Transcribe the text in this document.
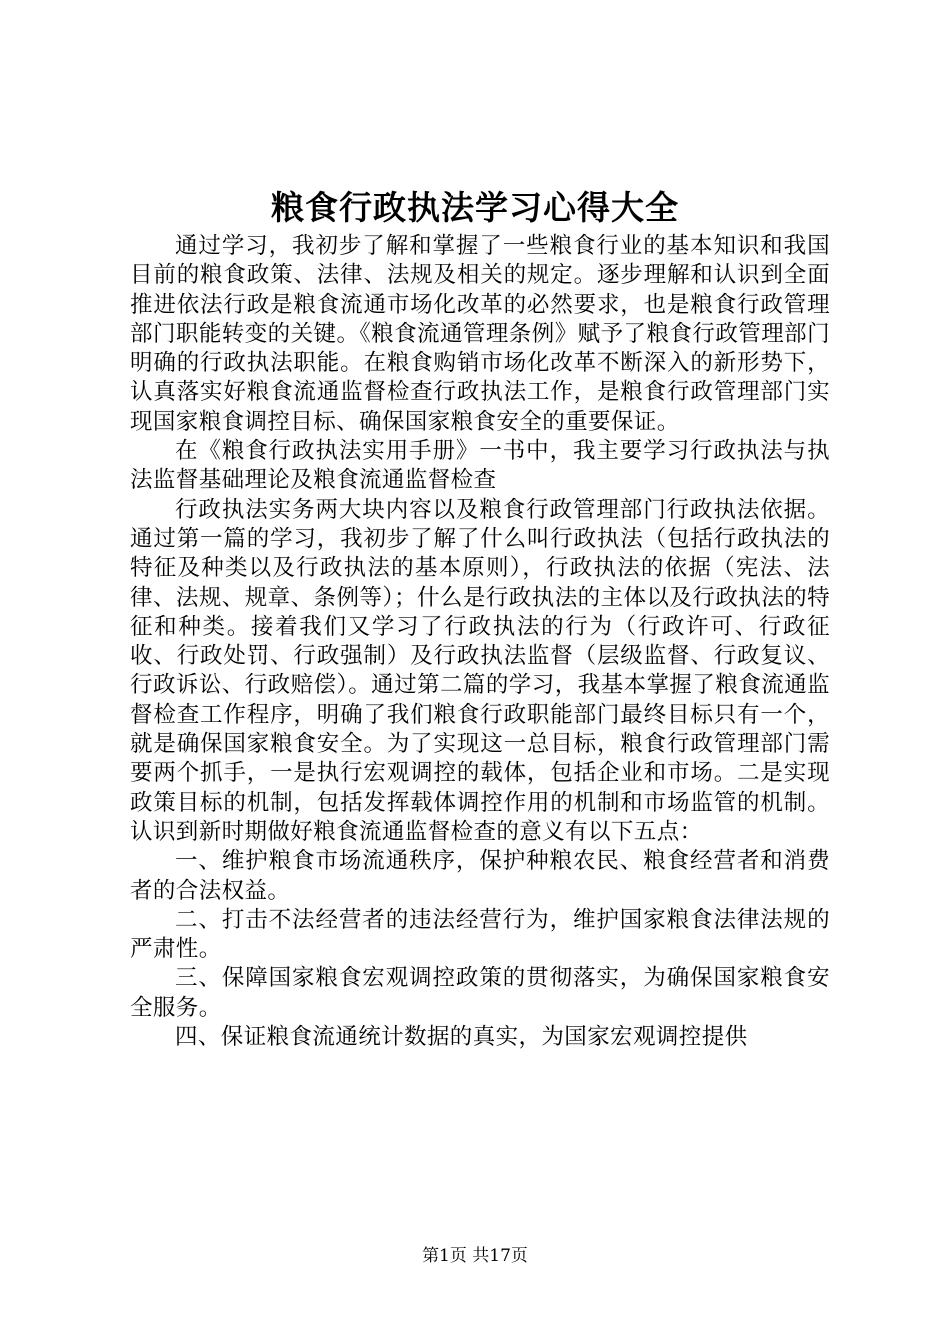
粮食行政执法学习心得大全

通过学习，我初步了解和掌握了一些粮食行业的基本知识和我国目前的粮食政策、法律、法规及相关的规定。逐步理解和认识到全面推进依法行政是粮食流通市场化改革的必然要求，也是粮食行政管理部门职能转变的关键。《粮食流通管理条例》赋予了粮食行政管理部门明确的行政执法职能。在粮食购销市场化改革不断深入的新形势下，认真落实好粮食流通监督检查行政执法工作，是粮食行政管理部门实现国家粮食调控目标、确保国家粮食安全的重要保证。

在《粮食行政执法实用手册》一书中，我主要学习行政执法与执法监督基础理论及粮食流通监督检查

行政执法实务两大块内容以及粮食行政管理部门行政执法依据。通过第一篇的学习，我初步了解了什么叫行政执法（包括行政执法的特征及种类以及行政执法的基本原则），行政执法的依据（宪法、法律、法规、规章、条例等）；什么是行政执法的主体以及行政执法的特征和种类。接着我们又学习了行政执法的行为（行政许可、行政征收、行政处罚、行政强制）及行政执法监督（层级监督、行政复议、行政诉讼、行政赔偿）。通过第二篇的学习，我基本掌握了粮食流通监督检查工作程序，明确了我们粮食行政职能部门最终目标只有一个，就是确保国家粮食安全。为了实现这一总目标，粮食行政管理部门需要两个抓手，一是执行宏观调控的载体，包括企业和市场。二是实现政策目标的机制，包括发挥载体调控作用的机制和市场监管的机制。认识到新时期做好粮食流通监督检查的意义有以下五点：

一、维护粮食市场流通秩序，保护种粮农民、粮食经营者和消费者的合法权益。

二、打击不法经营者的违法经营行为，维护国家粮食法律法规的严肃性。

三、保障国家粮食宏观调控政策的贯彻落实，为确保国家粮食安全服务。

四、保证粮食流通统计数据的真实，为国家宏观调控提供

第1页 共17页
